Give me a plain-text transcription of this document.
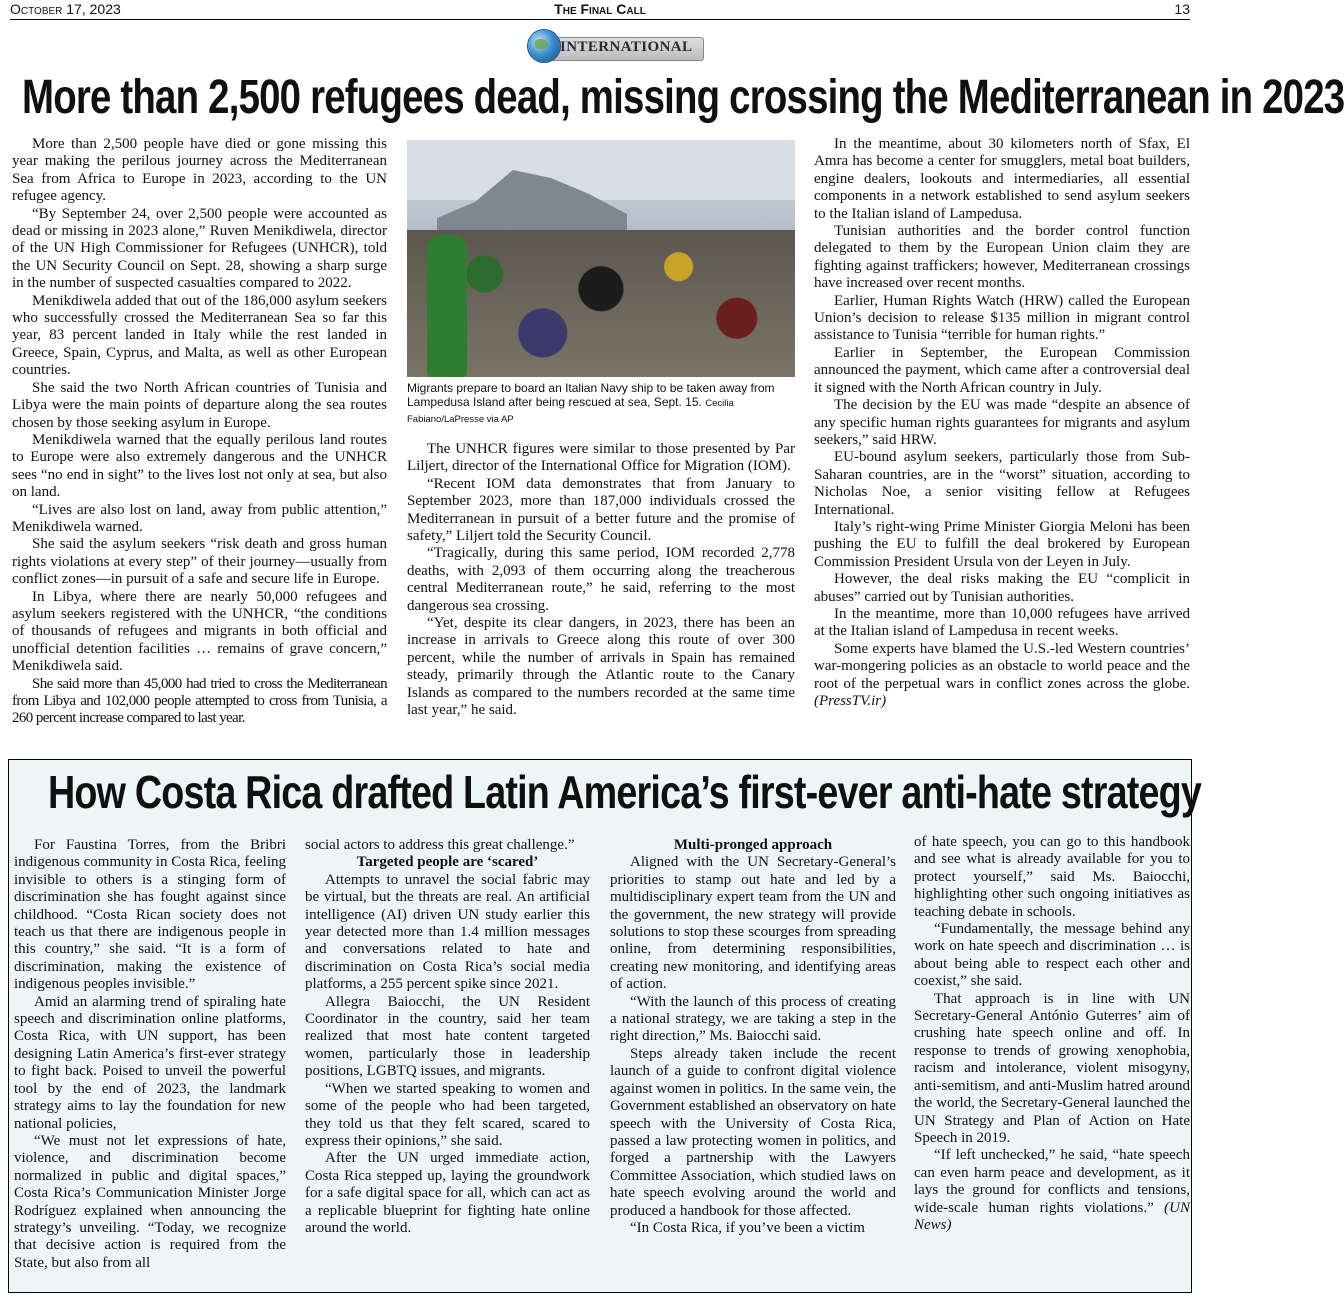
October 17, 2023	The Final Call	13
INTERNATIONAL
More than 2,500 refugees dead, missing crossing the Mediterranean in 2023

More than 2,500 people have died or gone missing this year making the perilous journey across the Mediterranean Sea from Africa to Europe in 2023, according to the UN refugee agency.

“By September 24, over 2,500 people were accounted as dead or missing in 2023 alone,” Ruven Menikdiwela, director of the UN High Commissioner for Refugees (UNHCR), told the UN Security Council on Sept. 28, showing a sharp surge in the number of suspected casualties compared to 2022.

Menikdiwela added that out of the 186,000 asylum seekers who successfully crossed the Mediterranean Sea so far this year, 83 percent landed in Italy while the rest landed in Greece, Spain, Cyprus, and Malta, as well as other European countries.

She said the two North African countries of Tunisia and Libya were the main points of departure along the sea routes chosen by those seeking asylum in Europe.

Menikdiwela warned that the equally perilous land routes to Europe were also extremely dangerous and the UNHCR sees “no end in sight” to the lives lost not only at sea, but also on land.

“Lives are also lost on land, away from public attention,” Menikdiwela warned.

She said the asylum seekers “risk death and gross human rights violations at every step” of their journey—usually from conflict zones—in pursuit of a safe and secure life in Europe.

In Libya, where there are nearly 50,000 refugees and asylum seekers registered with the UNHCR, “the conditions of thousands of refugees and migrants in both official and unofficial detention facilities … remains of grave concern,” Menikdiwela said.

She said more than 45,000 had tried to cross the Mediterranean from Libya and 102,000 people attempted to cross from Tunisia, a 260 percent increase compared to last year.

Migrants prepare to board an Italian Navy ship to be taken away from Lampedusa Island after being rescued at sea, Sept. 15. Cecilia Fabiano/LaPresse via AP

The UNHCR figures were similar to those presented by Par Liljert, director of the International Office for Migration (IOM).

“Recent IOM data demonstrates that from January to September 2023, more than 187,000 individuals crossed the Mediterranean in pursuit of a better future and the promise of safety,” Liljert told the Security Council.

“Tragically, during this same period, IOM recorded 2,778 deaths, with 2,093 of them occurring along the treacherous central Mediterranean route,” he said, referring to the most dangerous sea crossing.

“Yet, despite its clear dangers, in 2023, there has been an increase in arrivals to Greece along this route of over 300 percent, while the number of arrivals in Spain has remained steady, primarily through the Atlantic route to the Canary Islands as compared to the numbers recorded at the same time last year,” he said.

In the meantime, about 30 kilometers north of Sfax, El Amra has become a center for smugglers, metal boat builders, engine dealers, lookouts and intermediaries, all essential components in a network established to send asylum seekers to the Italian island of Lampedusa.

Tunisian authorities and the border control function delegated to them by the European Union claim they are fighting against traffickers; however, Mediterranean crossings have increased over recent months.

Earlier, Human Rights Watch (HRW) called the European Union’s decision to release $135 million in migrant control assistance to Tunisia “terrible for human rights.”

Earlier in September, the European Commission announced the payment, which came after a controversial deal it signed with the North African country in July.

The decision by the EU was made “despite an absence of any specific human rights guarantees for migrants and asylum seekers,” said HRW.

EU-bound asylum seekers, particularly those from Sub-Saharan countries, are in the “worst” situation, according to Nicholas Noe, a senior visiting fellow at Refugees International.

Italy’s right-wing Prime Minister Giorgia Meloni has been pushing the EU to fulfill the deal brokered by European Commission President Ursula von der Leyen in July.

However, the deal risks making the EU “complicit in abuses” carried out by Tunisian authorities.

In the meantime, more than 10,000 refugees have arrived at the Italian island of Lampedusa in recent weeks.

Some experts have blamed the U.S.-led Western countries’ war-mongering policies as an obstacle to world peace and the root of the perpetual wars in conflict zones across the globe. (PressTV.ir)

How Costa Rica drafted Latin America’s first-ever anti-hate strategy

For Faustina Torres, from the Bribri indigenous community in Costa Rica, feeling invisible to others is a stinging form of discrimination she has fought against since childhood. “Costa Rican society does not teach us that there are indigenous people in this country,” she said. “It is a form of discrimination, making the existence of indigenous peoples invisible.”

Amid an alarming trend of spiraling hate speech and discrimination online platforms, Costa Rica, with UN support, has been designing Latin America’s first-ever strategy to fight back. Poised to unveil the powerful tool by the end of 2023, the landmark strategy aims to lay the foundation for new national policies,

“We must not let expressions of hate, violence, and discrimination become normalized in public and digital spaces,” Costa Rica’s Communication Minister Jorge Rodríguez explained when announcing the strategy’s unveiling. “Today, we recognize that decisive action is required from the State, but also from all

social actors to address this great challenge.”

Targeted people are ‘scared’

Attempts to unravel the social fabric may be virtual, but the threats are real. An artificial intelligence (AI) driven UN study earlier this year detected more than 1.4 million messages and conversations related to hate and discrimination on Costa Rica’s social media platforms, a 255 percent spike since 2021.

Allegra Baiocchi, the UN Resident Coordinator in the country, said her team realized that most hate content targeted women, particularly those in leadership positions, LGBTQ issues, and migrants.

“When we started speaking to women and some of the people who had been targeted, they told us that they felt scared, scared to express their opinions,” she said.

After the UN urged immediate action, Costa Rica stepped up, laying the groundwork for a safe digital space for all, which can act as a replicable blueprint for fighting hate online around the world.

Multi-pronged approach

Aligned with the UN Secretary-General’s priorities to stamp out hate and led by a multidisciplinary expert team from the UN and the government, the new strategy will provide solutions to stop these scourges from spreading online, from determining responsibilities, creating new monitoring, and identifying areas of action.

“With the launch of this process of creating a national strategy, we are taking a step in the right direction,” Ms. Baiocchi said.

Steps already taken include the recent launch of a guide to confront digital violence against women in politics. In the same vein, the Government established an observatory on hate speech with the University of Costa Rica, passed a law protecting women in politics, and forged a partnership with the Lawyers Committee Association, which studied laws on hate speech evolving around the world and produced a handbook for those affected.

“In Costa Rica, if you’ve been a victim

of hate speech, you can go to this handbook and see what is already available for you to protect yourself,” said Ms. Baiocchi, highlighting other such ongoing initiatives as teaching debate in schools.

“Fundamentally, the message behind any work on hate speech and discrimination … is about being able to respect each other and coexist,” she said.

That approach is in line with UN Secretary-General António Guterres’ aim of crushing hate speech online and off. In response to trends of growing xenophobia, racism and intolerance, violent misogyny, anti-semitism, and anti-Muslim hatred around the world, the Secretary-General launched the UN Strategy and Plan of Action on Hate Speech in 2019.

“If left unchecked,” he said, “hate speech can even harm peace and development, as it lays the ground for conflicts and tensions, wide-scale human rights violations.” (UN News)
